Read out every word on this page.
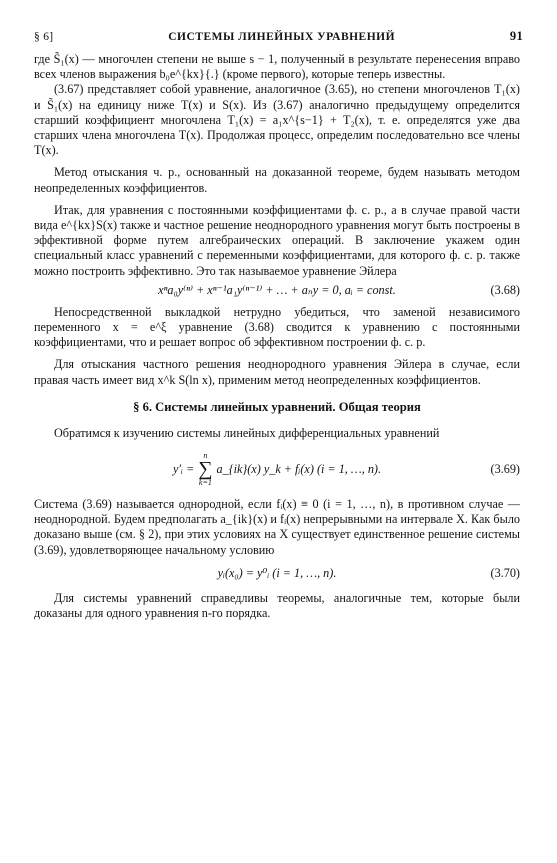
§ 6]	СИСТЕМЫ ЛИНЕЙНЫХ УРАВНЕНИЙ	91

где S̃₁(x) — многочлен степени не выше s − 1, полученный в результате перенесения вправо всех членов выражения b₀e^{kx}{.} (кроме первого), которые теперь известны.

(3.67) представляет собой уравнение, аналогичное (3.65), но степени многочленов T₁(x) и S̃₁(x) на единицу ниже T(x) и S(x). Из (3.67) аналогично предыдущему определится старший коэффициент многочлена T₁(x) = a₁x^{s−1} + T₂(x), т. е. определятся уже два старших члена многочлена T(x). Продолжая процесс, определим последовательно все члены T(x).

Метод отыскания ч. р., основанный на доказанной теореме, будем называть методом неопределенных коэффициентов.

Итак, для уравнения с постоянными коэффициентами ф. с. р., а в случае правой части вида e^{kx}S(x) также и частное решение неоднородного уравнения могут быть построены в эффективной форме путем алгебраических операций. В заключение укажем один специальный класс уравнений с переменными коэффициентами, для которого ф. с. р. также можно построить эффективно. Это так называемое уравнение Эйлера

xⁿa₀y⁽ⁿ⁾ + xⁿ⁻¹a₁y⁽ⁿ⁻¹⁾ + … + aₙy = 0, aᵢ = const.	(3.68)

Непосредственной выкладкой нетрудно убедиться, что заменой независимого переменного x = e^ξ уравнение (3.68) сводится к уравнению с постоянными коэффициентами, что и решает вопрос об эффективном построении ф. с. р.

Для отыскания частного решения неоднородного уравнения Эйлера в случае, если правая часть имеет вид x^k S(ln x), применим метод неопределенных коэффициентов.

§ 6. Системы линейных уравнений. Общая теория

Обратимся к изучению системы линейных дифференциальных уравнений

y′ᵢ =
n
∑
k=1
a_{ik}(x) y_k + fᵢ(x) (i = 1, …, n).	(3.69)

Система (3.69) называется однородной, если fᵢ(x) ≡ 0 (i = 1, …, n), в противном случае — неоднородной. Будем предполагать a_{ik}(x) и fᵢ(x) непрерывными на интервале X. Как было доказано выше (см. § 2), при этих условиях на X существует единственное решение системы (3.69), удовлетворяющее начальному условию

yᵢ(x₀) = y⁰ᵢ (i = 1, …, n).	(3.70)

Для системы уравнений справедливы теоремы, аналогичные тем, которые были доказаны для одного уравнения n-го порядка.
